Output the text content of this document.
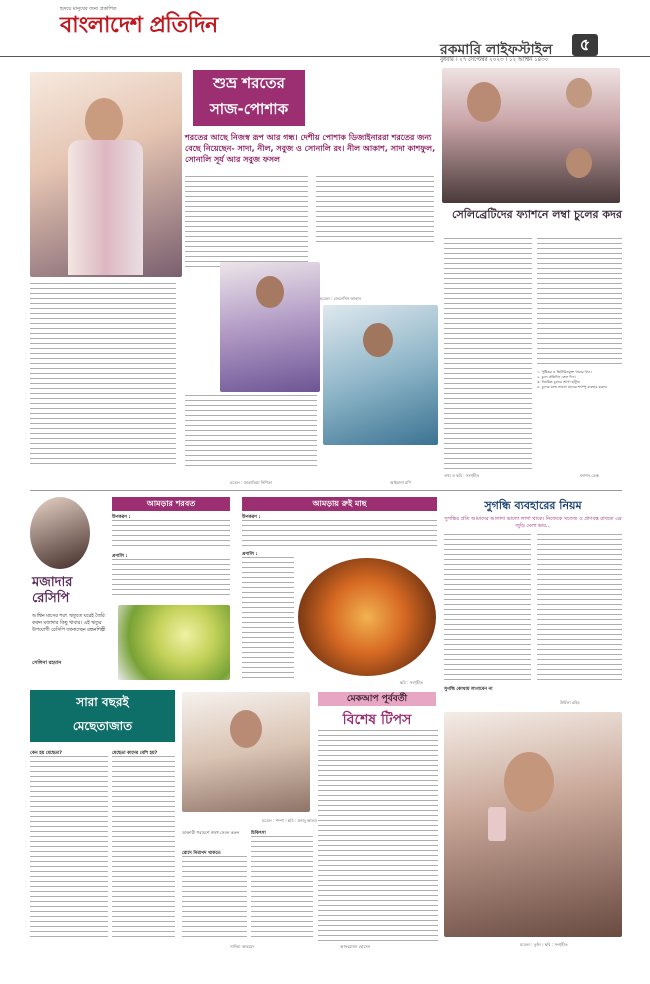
হৃদয়ে মানুষের জন্য প্রকাশিত
বাংলাদেশ প্রতিদিন
রকমারি লাইফস্টাইল	৫
বুধবার । ২৭ সেপ্টেম্বর ২০২৩ । ১২ আশ্বিন ১৪৩০
শুভ্র শরতের
সাজ-পোশাক
শরতের আছে নিজস্ব রূপ আর গন্ধ। দেশীয় পোশাক ডিজাইনাররা শরতের জন্য বেছে নিয়েছেন- সাদা, নীল, সবুজ ও সোনালি রং। নীল আকাশ, সাদা কাশফুল, সোনালি সূর্য আর সবুজ ফসল
মডেল : জেনেসিস জাহান
মডেল : জান্নাতিয়া নিশিতা	আইয়ানা মণি
সেলিব্রেটিদের ফ্যাশনে লম্বা চুলের কদর
১. পুষ্টিকর ও ভিটামিনযুক্ত খাবার খান।
২. চুলে প্রতিদিন তেল দিন।
৩. নিয়মিত চুলের আগা ছাঁটুন।
৪. চুলের যত্নে ভালো মানের শ্যাম্পু ব্যবহার করুন।
তথ্য ও ছবি : সংগৃহীত	ফ্যাশন ডেস্ক
মজাদার
রেসিপি
আশ্বিন মাসের শরৎ ঋতুতে ঘরেই তৈরি করুন মজাদার কিছু খাবার। এই ঋতুর উপযোগী রেসিপি জানাচ্ছেন রন্ধনশিল্পী
সেলিনা রহমান
আমড়ার শরবত
উপকরণ :
প্রণালি :
আমড়ায় রুই মাছ
উপকরণ :
প্রণালি :
ছবি : সংগৃহীত
সুগন্ধি ব্যবহারের নিয়ম
সুগন্ধির প্রতি আমাদের আলাদা ভালো লাগা থাকে। নিজেকে সতেজ ও প্রাণবন্ত রাখতে এর জুড়ি মেলা ভার...
সুগন্ধি কোথায় লাগাবেন না
উর্মিলা রহিম
মডেল : তুলি । ছবি : সংগৃহীত
সারা বছরই
মেছেতাজাত
কেন হয় মেছেতা?	মেছেতা কাদের বেশি হয়?
মডেল : শম্পা । ছবি : মনজু আলম
ডাক্তারী পরামর্শে ঔষধ সেবন করুন
রোদে নিরাপদ থাকতে
চিকিৎসা
সাদিয়া আহমেদ
মেকআপ পূর্ববর্তী
বিশেষ টিপস
আফরোজা হোসেন
